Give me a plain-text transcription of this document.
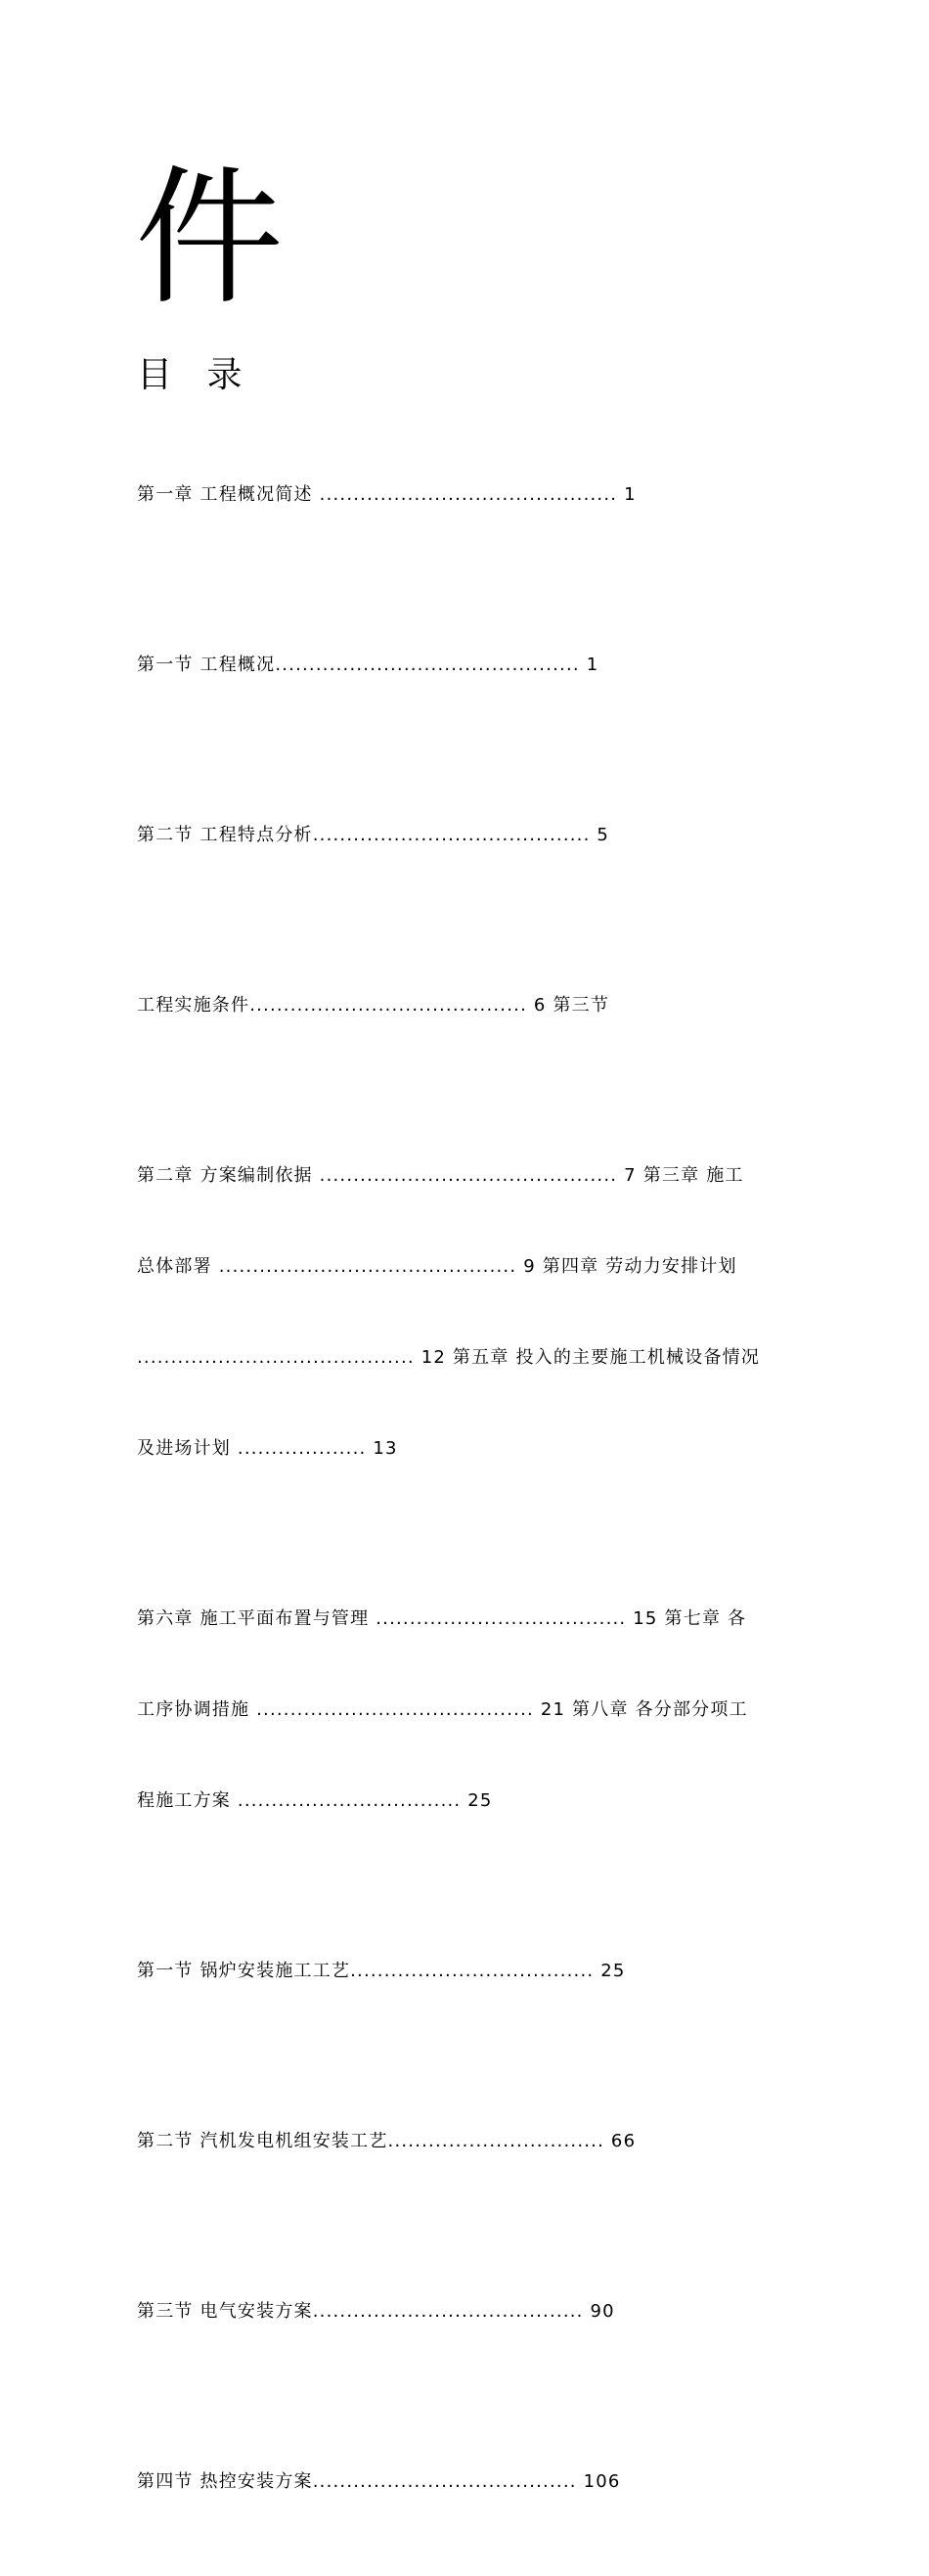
件
目 录

第一章 工程概况简述 ............................................ 1

第一节 工程概况............................................. 1

第二节 工程特点分析......................................... 5

工程实施条件......................................... 6 第三节

第二章 方案编制依据 ............................................ 7 第三章 施工

总体部署 ............................................ 9 第四章 劳动力安排计划

......................................... 12 第五章 投入的主要施工机械设备情况

及进场计划 ................... 13

第六章 施工平面布置与管理 ..................................... 15 第七章 各

工序协调措施 ......................................... 21 第八章 各分部分项工

程施工方案 ................................. 25

第一节 锅炉安装施工工艺.................................... 25

第二节 汽机发电机组安装工艺................................ 66

第三节 电气安装方案........................................ 90

第四节 热控安装方案....................................... 106
